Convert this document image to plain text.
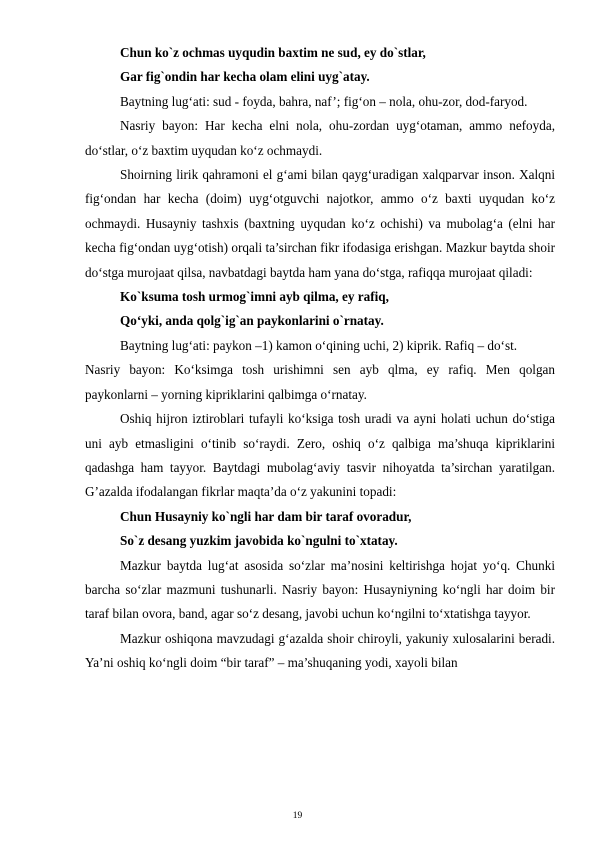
Chun ko`z ochmas uyqudin baxtim ne sud, ey do`stlar,

Gar fig`ondin har kecha olam elini uyg`atay.

Baytning lug‘ati: sud - foyda, bahra, naf’; fig‘on – nola, ohu-zor, dod-faryod.

Nasriy bayon: Har kecha elni nola, ohu-zordan uyg‘otaman, ammo nefoyda, do‘stlar, o‘z baxtim uyqudan ko‘z ochmaydi.

Shoirning lirik qahramoni el g‘ami bilan qayg‘uradigan xalqparvar inson. Xalqni fig‘ondan har kecha (doim) uyg‘otguvchi najotkor, ammo o‘z baxti uyqudan ko‘z ochmaydi. Husayniy tashxis (baxtning uyqudan ko‘z ochishi) va mubolag‘a (elni har kecha fig‘ondan uyg‘otish) orqali ta’sirchan fikr ifodasiga erishgan. Mazkur baytda shoir do‘stga murojaat qilsa, navbatdagi baytda ham yana do‘stga, rafiqqa murojaat qiladi:

Ko`ksuma tosh urmog`imni ayb qilma, ey rafiq,

Qo‘yki, anda qolg`ig`an paykonlarini o`rnatay.

Baytning lug‘ati: paykon –1) kamon o‘qining uchi, 2) kiprik. Rafiq – do‘st.

Nasriy bayon: Ko‘ksimga tosh urishimni sen ayb qlma, ey rafiq. Men qolgan paykonlarni – yorning kipriklarini qalbimga o‘rnatay.

Oshiq hijron iztiroblari tufayli ko‘ksiga tosh uradi va ayni holati uchun do‘stiga uni ayb etmasligini o‘tinib so‘raydi. Zero, oshiq o‘z qalbiga ma’shuqa kipriklarini qadashga ham tayyor. Baytdagi mubolag‘aviy tasvir nihoyatda ta’sirchan yaratilgan. G’azalda ifodalangan fikrlar maqta’da o‘z yakunini topadi:

Chun Husayniy ko`ngli har dam bir taraf ovoradur,

So`z desang yuzkim javobida ko`ngulni to`xtatay.

Mazkur baytda lug‘at asosida so‘zlar ma’nosini keltirishga hojat yo‘q. Chunki barcha so‘zlar mazmuni tushunarli. Nasriy bayon: Husayniyning ko‘ngli har doim bir taraf bilan ovora, band, agar so‘z desang, javobi uchun ko‘ngilni to‘xtatishga tayyor.

Mazkur oshiqona mavzudagi g‘azalda shoir chiroyli, yakuniy xulosalarini beradi. Ya’ni oshiq ko‘ngli doim “bir taraf” – ma’shuqaning yodi, xayoli bilan

19
